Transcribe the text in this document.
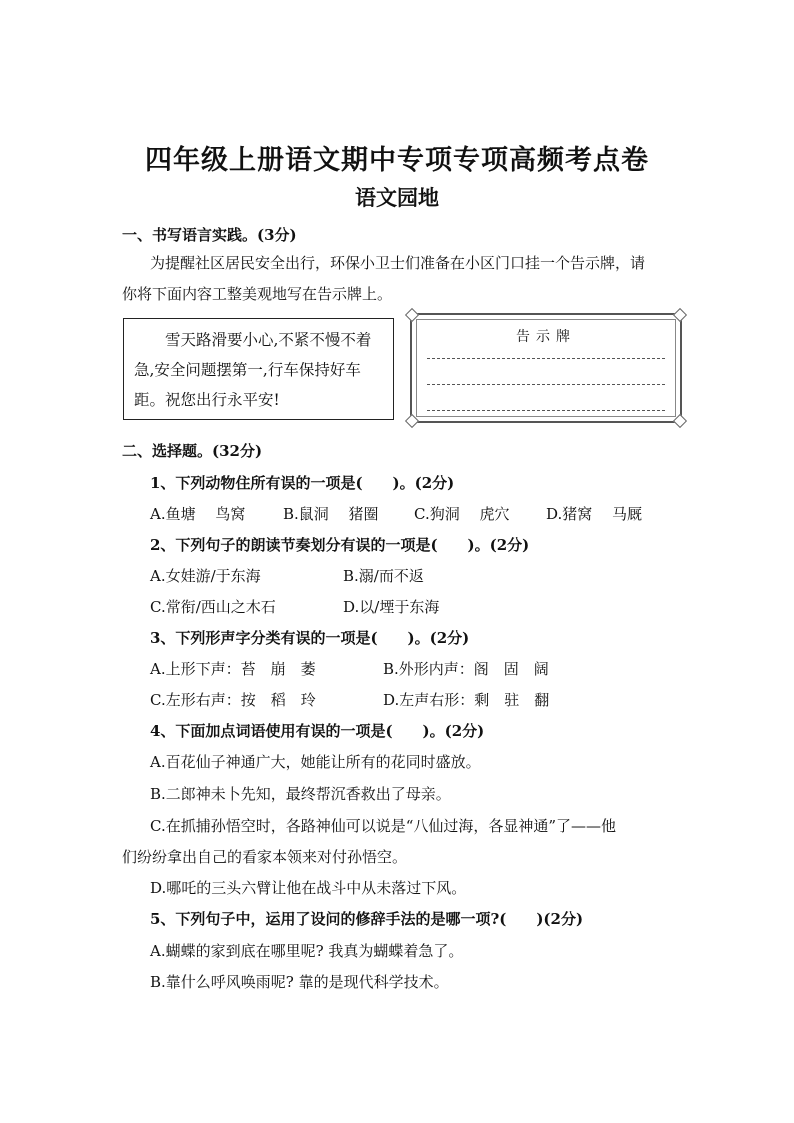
四年级上册语文期中专项专项高频考点卷
语文园地
一、书写语言实践。(3分)
为提醒社区居民安全出行，环保小卫士们准备在小区门口挂一个告示牌，请
你将下面内容工整美观地写在告示牌上。
雪天路滑要小心,不紧不慢不着急,安全问题摆第一,行车保持好车距。祝您出行永平安!
告示牌
二、选择题。(32分)
1、下列动物住所有误的一项是(　　)。(2分)
A.鱼塘　 鸟窝	B.鼠洞　 猪圈 C.狗洞　 虎穴 D.猪窝　 马厩
2、下列句子的朗读节奏划分有误的一项是(　　)。(2分)
A.女娃游/于东海	B.溺/而不返
C.常衔/西山之木石	D.以/堙于东海
3、下列形声字分类有误的一项是(　　)。(2分)
A.上形下声：苔　崩　萎	B.外形内声：阁　固　阔
C.左形右声：按　稻　玲	D.左声右形：剩　驻　翻
4、下面加点词语使用有误的一项是(　　)。(2分)
A.百花仙子神通广大，她能让所有的花同时盛放。
B.二郎神未卜先知，最终帮沉香救出了母亲。
C.在抓捕孙悟空时，各路神仙可以说是“八仙过海，各显神通”了——他
们纷纷拿出自己的看家本领来对付孙悟空。
D.哪吒的三头六臂让他在战斗中从未落过下风。
5、下列句子中，运用了设问的修辞手法的是哪一项?(　　)(2分)
A.蝴蝶的家到底在哪里呢? 我真为蝴蝶着急了。
B.靠什么呼风唤雨呢? 靠的是现代科学技术。
